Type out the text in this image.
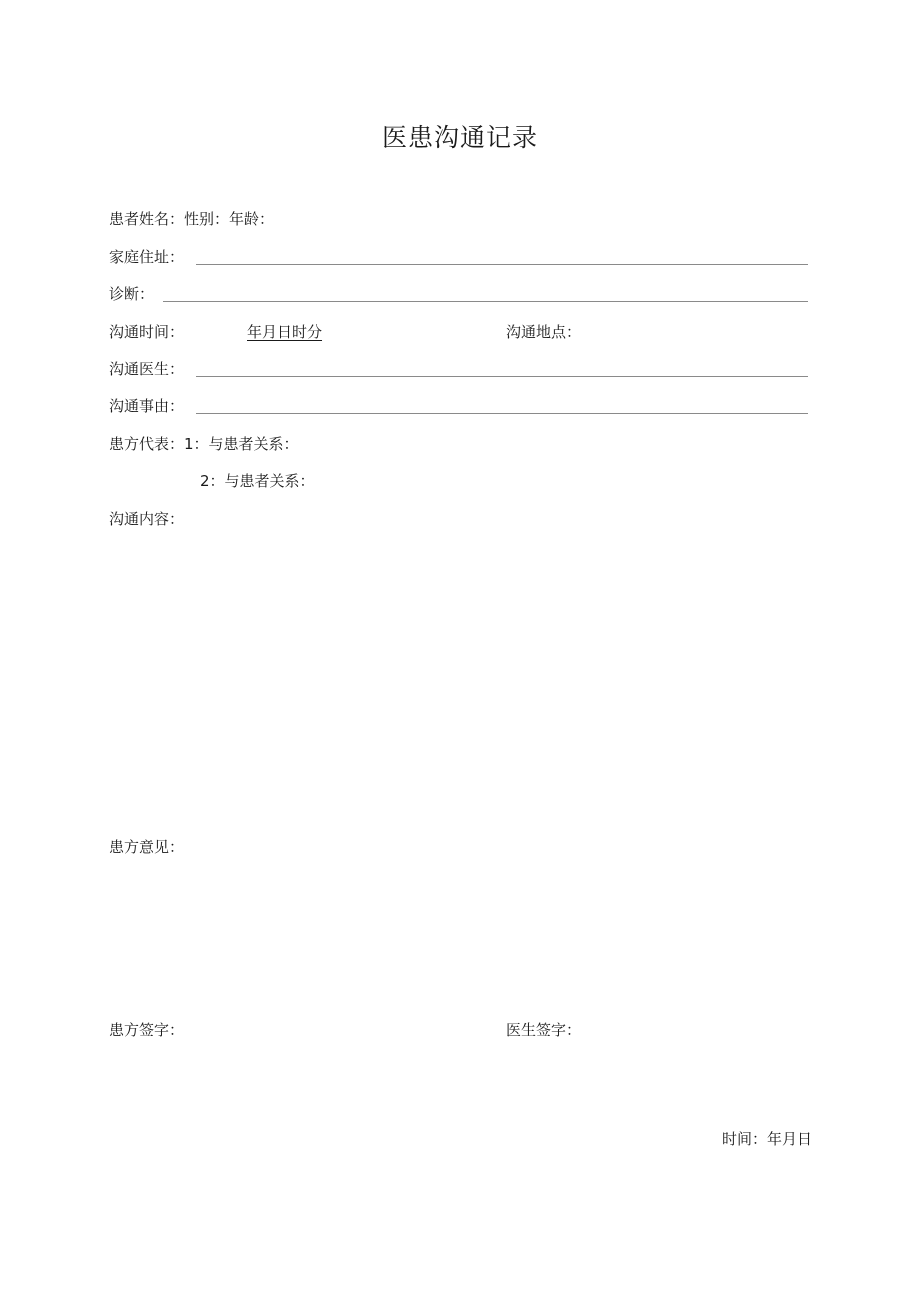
医患沟通记录
患者姓名：性别：年龄：
家庭住址：
诊断：
沟通时间：	年月日时分	沟通地点：
沟通医生：
沟通事由：
患方代表：1：与患者关系：
2：与患者关系：
沟通内容：
患方意见：
患方签字：	医生签字：
时间：年月日
